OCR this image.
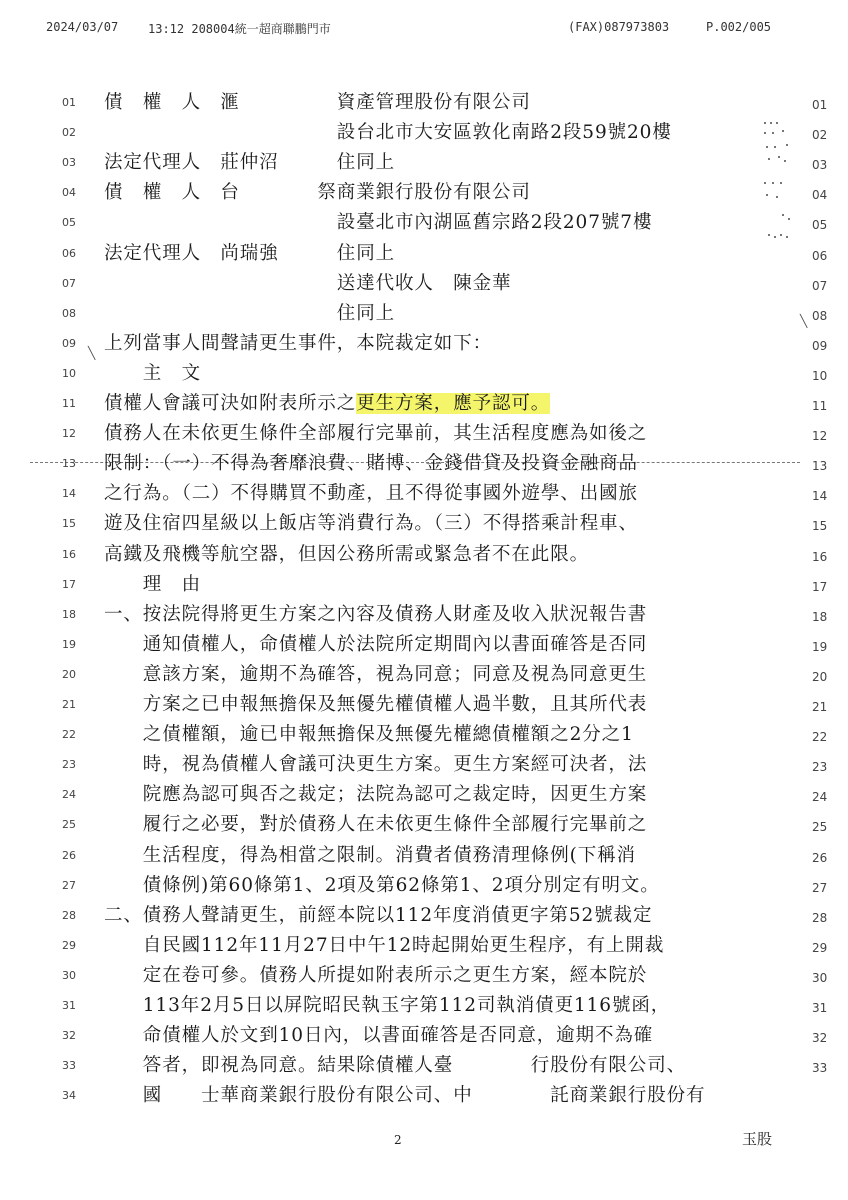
2024/03/07 13:12 208004統一超商聯鵬門市	(FAX)087973803	P.002/005
╲
╲
01
02
03
04
05
06
07
08
09
10
11
12
13
14
15
16
17
18
19
20
21
22
23
24
25
26
27
28
29
30
31
32
33
34
01
02
03
04
05
06
07
08
09
10
11
12
13
14
15
16
17
18
19
20
21
22
23
24
25
26
27
28
29
30
31
32
33
債　權　人　滙　　　　　資產管理股份有限公司
　　　　　　　　　　　　設台北市大安區敦化南路2段59號20樓
法定代理人　莊仲沼　　　住同上
債　權　人　台　　　　祭商業銀行股份有限公司
　　　　　　　　　　　　設臺北市內湖區舊宗路2段207號7樓
法定代理人　尚瑞強　　　住同上
　　　　　　　　　　　　送達代收人　陳金華
　　　　　　　　　　　　住同上
上列當事人間聲請更生事件，本院裁定如下：
　　主　文
債權人會議可決如附表所示之更生方案，應予認可。
債務人在未依更生條件全部履行完畢前，其生活程度應為如後之
限制：（一）不得為奢靡浪費、賭博、金錢借貸及投資金融商品
之行為。（二）不得購買不動產，且不得從事國外遊學、出國旅
遊及住宿四星級以上飯店等消費行為。（三）不得搭乘計程車、
高鐵及飛機等航空器，但因公務所需或緊急者不在此限。
　　理　由
一、按法院得將更生方案之內容及債務人財產及收入狀況報告書
　　通知債權人，命債權人於法院所定期間內以書面確答是否同
　　意該方案，逾期不為確答，視為同意；同意及視為同意更生
　　方案之已申報無擔保及無優先權債權人過半數，且其所代表
　　之債權額，逾已申報無擔保及無優先權總債權額之2分之1
　　時，視為債權人會議可決更生方案。更生方案經可決者，法
　　院應為認可與否之裁定；法院為認可之裁定時，因更生方案
　　履行之必要，對於債務人在未依更生條件全部履行完畢前之
　　生活程度，得為相當之限制。消費者債務清理條例(下稱消
　　債條例)第60條第1、2項及第62條第1、2項分別定有明文。
二、債務人聲請更生，前經本院以112年度消債更字第52號裁定
　　自民國112年11月27日中午12時起開始更生程序，有上開裁
　　定在卷可參。債務人所提如附表所示之更生方案，經本院於
　　113年2月5日以屏院昭民執玉字第112司執消債更116號函，
　　命債權人於文到10日內，以書面確答是否同意，逾期不為確
　　答者，即視為同意。結果除債權人臺　　　　行股份有限公司、
　　國　　士華商業銀行股份有限公司、中　　　　託商業銀行股份有
2	玉股
